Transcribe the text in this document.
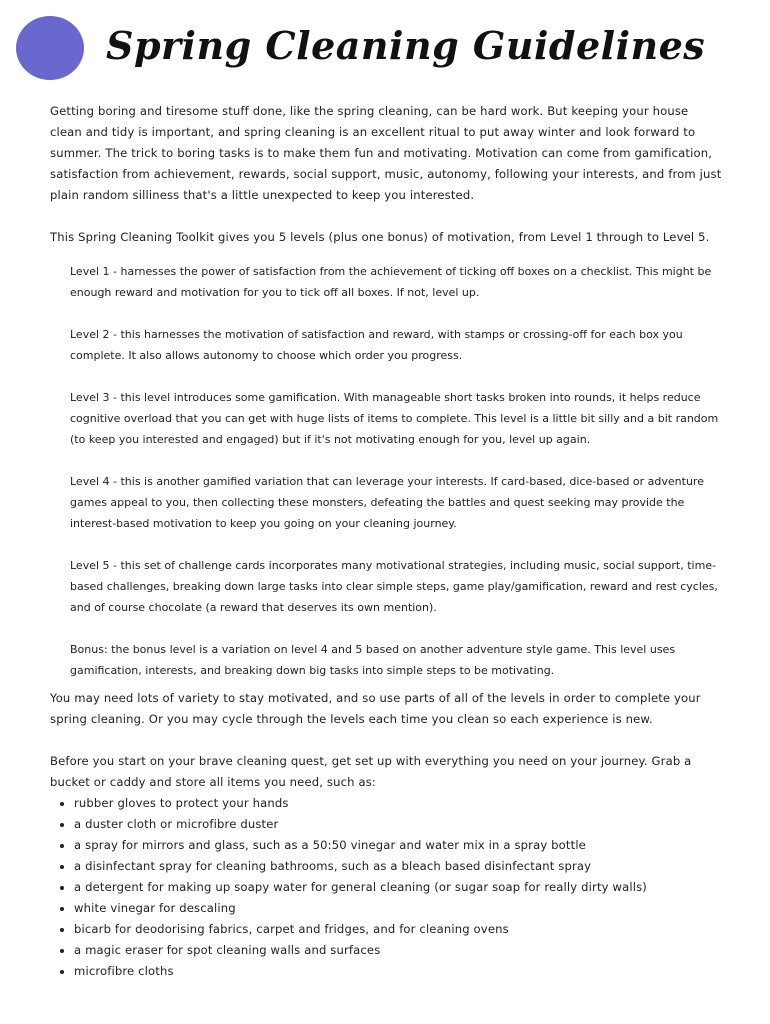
Spring Cleaning Guidelines

Getting boring and tiresome stuff done, like the spring cleaning, can be hard work. But keeping your house clean and tidy is important, and spring cleaning is an excellent ritual to put away winter and look forward to summer. The trick to boring tasks is to make them fun and motivating. Motivation can come from gamification, satisfaction from achievement, rewards, social support, music, autonomy, following your interests, and from just plain random silliness that's a little unexpected to keep you interested.

This Spring Cleaning Toolkit gives you 5 levels (plus one bonus) of motivation, from Level 1 through to Level 5.

Level 1 - harnesses the power of satisfaction from the achievement of ticking off boxes on a checklist. This might be enough reward and motivation for you to tick off all boxes. If not, level up.
Level 2 - this harnesses the motivation of satisfaction and reward, with stamps or crossing-off for each box you complete. It also allows autonomy to choose which order you progress.
Level 3 - this level introduces some gamification. With manageable short tasks broken into rounds, it helps reduce cognitive overload that you can get with huge lists of items to complete. This level is a little bit silly and a bit random (to keep you interested and engaged) but if it's not motivating enough for you, level up again.
Level 4 - this is another gamified variation that can leverage your interests. If card-based, dice-based or adventure games appeal to you, then collecting these monsters, defeating the battles and quest seeking may provide the interest-based motivation to keep you going on your cleaning journey.
Level 5 - this set of challenge cards incorporates many motivational strategies, including music, social support, time-based challenges, breaking down large tasks into clear simple steps, game play/gamification, reward and rest cycles, and of course chocolate (a reward that deserves its own mention).
Bonus: the bonus level is a variation on level 4 and 5 based on another adventure style game. This level uses gamification, interests, and breaking down big tasks into simple steps to be motivating.

You may need lots of variety to stay motivated, and so use parts of all of the levels in order to complete your spring cleaning. Or you may cycle through the levels each time you clean so each experience is new.

Before you start on your brave cleaning quest, get set up with everything you need on your journey. Grab a bucket or caddy and store all items you need, such as:

rubber gloves to protect your hands
a duster cloth or microfibre duster
a spray for mirrors and glass, such as a 50:50 vinegar and water mix in a spray bottle
a disinfectant spray for cleaning bathrooms, such as a bleach based disinfectant spray
a detergent for making up soapy water for general cleaning (or sugar soap for really dirty walls)
white vinegar for descaling
bicarb for deodorising fabrics, carpet and fridges, and for cleaning ovens
a magic eraser for spot cleaning walls and surfaces
microfibre cloths
